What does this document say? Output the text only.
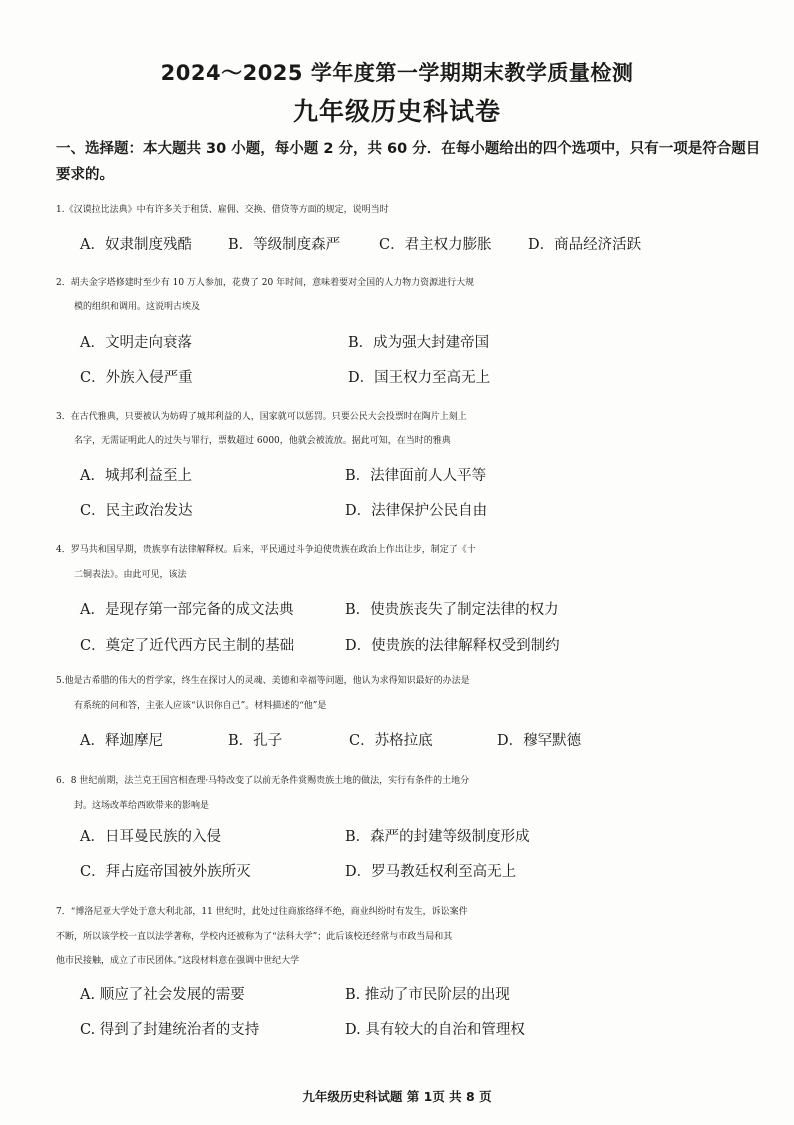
2024～2025 学年度第一学期期末教学质量检测
九年级历史科试卷
一、选择题：本大题共 30 小题，每小题 2 分，共 60 分．在每小题给出的四个选项中，只有一项是符合题目要求的。
1.《汉谟拉比法典》中有许多关于租赁、雇佣、交换、借贷等方面的规定，说明当时
A．奴隶制度残酷 B．等级制度森严	C．君主权力膨胀	D．商品经济活跃
2．胡夫金字塔修建时至少有 10 万人参加，花费了 20 年时间，意味着要对全国的人力物力资源进行大规
模的组织和调用。这说明古埃及
A．文明走向衰落	B．成为强大封建帝国
C．外族入侵严重	D．国王权力至高无上
3．在古代雅典，只要被认为妨碍了城邦利益的人，国家就可以惩罚。只要公民大会投票时在陶片上刻上
名字，无需证明此人的过失与罪行，票数超过 6000，他就会被流放。据此可知，在当时的雅典
A．城邦利益至上	B．法律面前人人平等
C．民主政治发达	D．法律保护公民自由
4．罗马共和国早期，贵族享有法律解释权。后来，平民通过斗争迫使贵族在政治上作出让步，制定了《十
二铜表法》。由此可见，该法
A．是现存第一部完备的成文法典	B．使贵族丧失了制定法律的权力
C．奠定了近代西方民主制的基础	D．使贵族的法律解释权受到制约
5.他是古希腊的伟大的哲学家，终生在探讨人的灵魂、美德和幸福等问题，他认为求得知识最好的办法是
有系统的问和答，主张人应该“认识你自己”。材料描述的“他”是
A．释迦摩尼	B．孔子	C．苏格拉底	D．穆罕默德
6．8 世纪前期，法兰克王国宫相查理·马特改变了以前无条件赏赐贵族土地的做法，实行有条件的土地分
封。这场改革给西欧带来的影响是
A．日耳曼民族的入侵	B．森严的封建等级制度形成
C．拜占庭帝国被外族所灭	D．罗马教廷权利至高无上
7．“博洛尼亚大学处于意大利北部，11 世纪时，此处过往商旅络绎不绝，商业纠纷时有发生，诉讼案件
不断，所以该学校一直以法学著称，学校内还被称为了“法科大学”；此后该校还经常与市政当局和其
他市民接触，成立了市民团体。”这段材料意在强调中世纪大学
A. 顺应了社会发展的需要	B. 推动了市民阶层的出现
C. 得到了封建统治者的支持	D. 具有较大的自治和管理权
九年级历史科试题 第 1页 共 8 页
